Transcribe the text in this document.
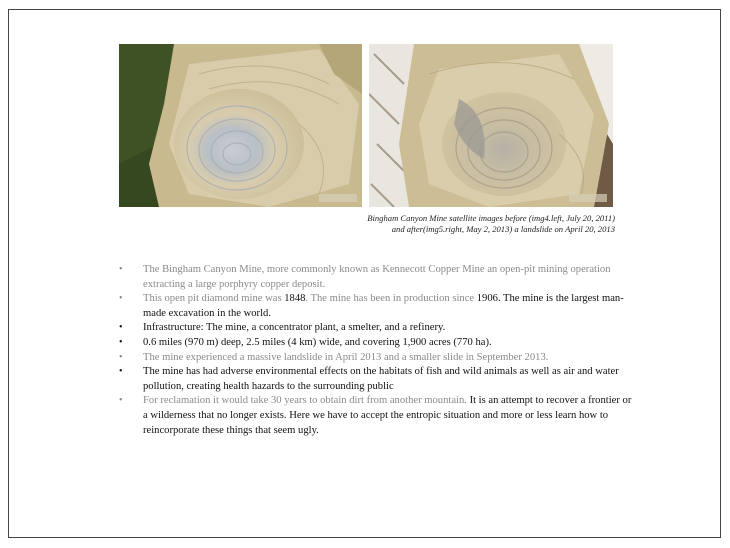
Bingham Canyon Mine satellite images before (img4.left, July 20, 2011)
and after(img5.right, May 2, 2013) a landslide on April 20, 2013
• The Bingham Canyon Mine, more commonly known as Kennecott Copper Mine an open-pit mining operation extracting a large porphyry copper deposit.
• This open pit diamond mine was 1848. The mine has been in production since 1906. The mine is the largest man-made excavation in the world.
• Infrastructure: The mine, a concentrator plant, a smelter, and a refinery.
• 0.6 miles (970 m) deep, 2.5 miles (4 km) wide, and covering 1,900 acres (770 ha).
• The mine experienced a massive landslide in April 2013 and a smaller slide in September 2013.
• The mine has had adverse environmental effects on the habitats of fish and wild animals as well as air and water pollution, creating health hazards to the surrounding public
• For reclamation it would take 30 years to obtain dirt from another mountain. It is an attempt to recover a frontier or a wilderness that no longer exists. Here we have to accept the entropic situation and more or less learn how to reincorporate these things that seem ugly.
